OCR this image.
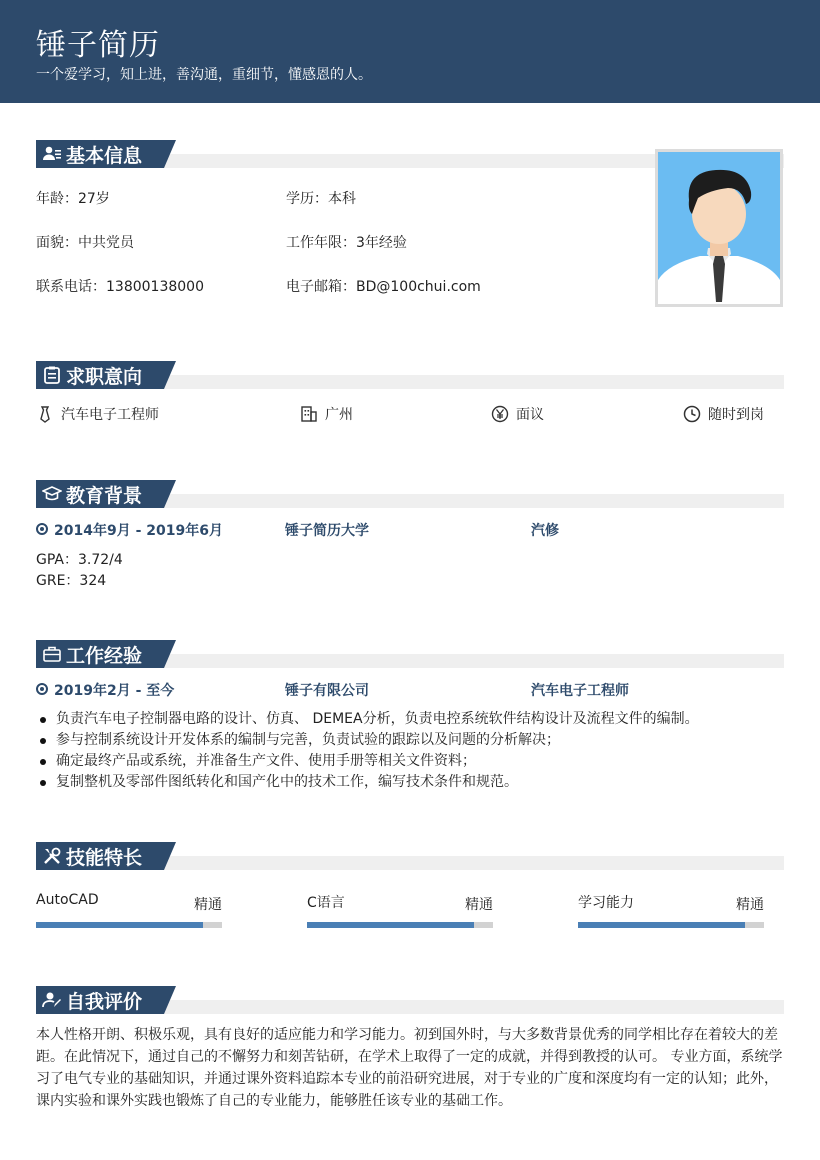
锤子简历
一个爱学习，知上进，善沟通，重细节，懂感恩的人。
基本信息
年龄：27岁	学历：本科
面貌：中共党员	工作年限：3年经验
联系电话：13800138000	电子邮箱：BD@100chui.com
求职意向
汽车电子工程师	广州	面议	随时到岗
教育背景
2014年9月 - 2019年6月	锤子简历大学	汽修
GPA：3.72/4
GRE：324
工作经验
2019年2月 - 至今	锤子有限公司	汽车电子工程师
负责汽车电子控制器电路的设计、仿真、 DEMEA分析，负责电控系统软件结构设计及流程文件的编制。
参与控制系统设计开发体系的编制与完善，负责试验的跟踪以及问题的分析解决；
确定最终产品或系统，并准备生产文件、使用手册等相关文件资料；
复制整机及零部件图纸转化和国产化中的技术工作，编写技术条件和规范。
技能特长
AutoCAD	精通	C语言	精通	学习能力	精通
自我评价
本人性格开朗、积极乐观，具有良好的适应能力和学习能力。初到国外时，与大多数背景优秀的同学相比存在着较大的差距。在此情况下，通过自己的不懈努力和刻苦钻研，在学术上取得了一定的成就，并得到教授的认可。 专业方面，系统学习了电气专业的基础知识，并通过课外资料追踪本专业的前沿研究进展，对于专业的广度和深度均有一定的认知；此外，课内实验和课外实践也锻炼了自己的专业能力，能够胜任该专业的基础工作。
